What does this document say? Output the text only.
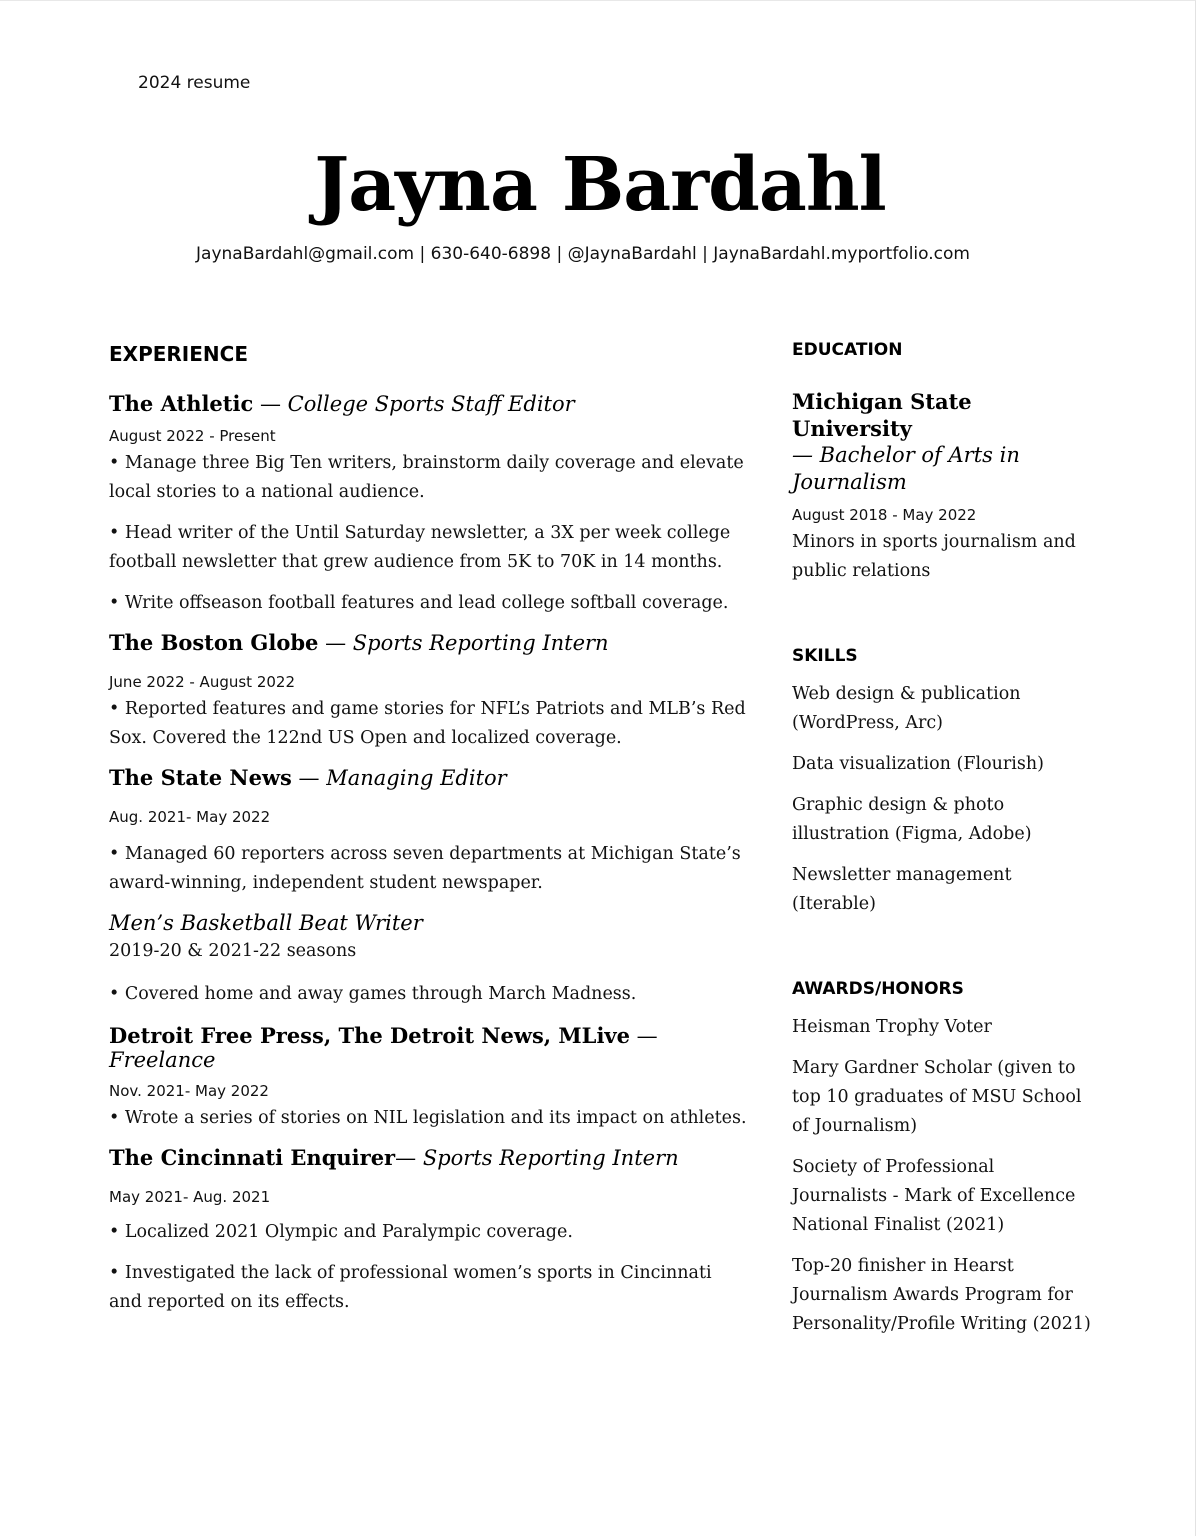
2024 resume
Jayna Bardahl
JaynaBardahl@gmail.com | 630-640-6898 | @JaynaBardahl | JaynaBardahl.myportfolio.com
EXPERIENCE

The Athletic — College Sports Staff Editor

August 2022 - Present

• Manage three Big Ten writers, brainstorm daily coverage and elevate local stories to a national audience.

• Head writer of the Until Saturday newsletter, a 3X per week college football newsletter that grew audience from 5K to 70K in 14 months.

• Write offseason football features and lead college softball coverage.

The Boston Globe — Sports Reporting Intern

June 2022 - August 2022

• Reported features and game stories for NFL’s Patriots and MLB’s Red Sox. Covered the 122nd US Open and localized coverage.

The State News — Managing Editor

Aug. 2021- May 2022

• Managed 60 reporters across seven departments at Michigan State’s award-winning, independent student newspaper.

Men’s Basketball Beat Writer

2019-20 & 2021-22 seasons

• Covered home and away games through March Madness.

Detroit Free Press, The Detroit News, MLive — Freelance

Nov. 2021- May 2022

• Wrote a series of stories on NIL legislation and its impact on athletes.

The Cincinnati Enquirer— Sports Reporting Intern

May 2021- Aug. 2021

• Localized 2021 Olympic and Paralympic coverage.

• Investigated the lack of professional women’s sports in Cincinnati and reported on its effects.

EDUCATION

Michigan State University

— Bachelor of Arts in Journalism

August 2018 - May 2022

Minors in sports journalism and public relations

SKILLS

Web design & publication (WordPress, Arc)

Data visualization (Flourish)

Graphic design & photo illustration (Figma, Adobe)

Newsletter management (Iterable)

AWARDS/HONORS

Heisman Trophy Voter

Mary Gardner Scholar (given to top 10 graduates of MSU School of Journalism)

Society of Professional Journalists - Mark of Excellence National Finalist (2021)

Top-20 finisher in Hearst Journalism Awards Program for Personality/Profile Writing (2021)
